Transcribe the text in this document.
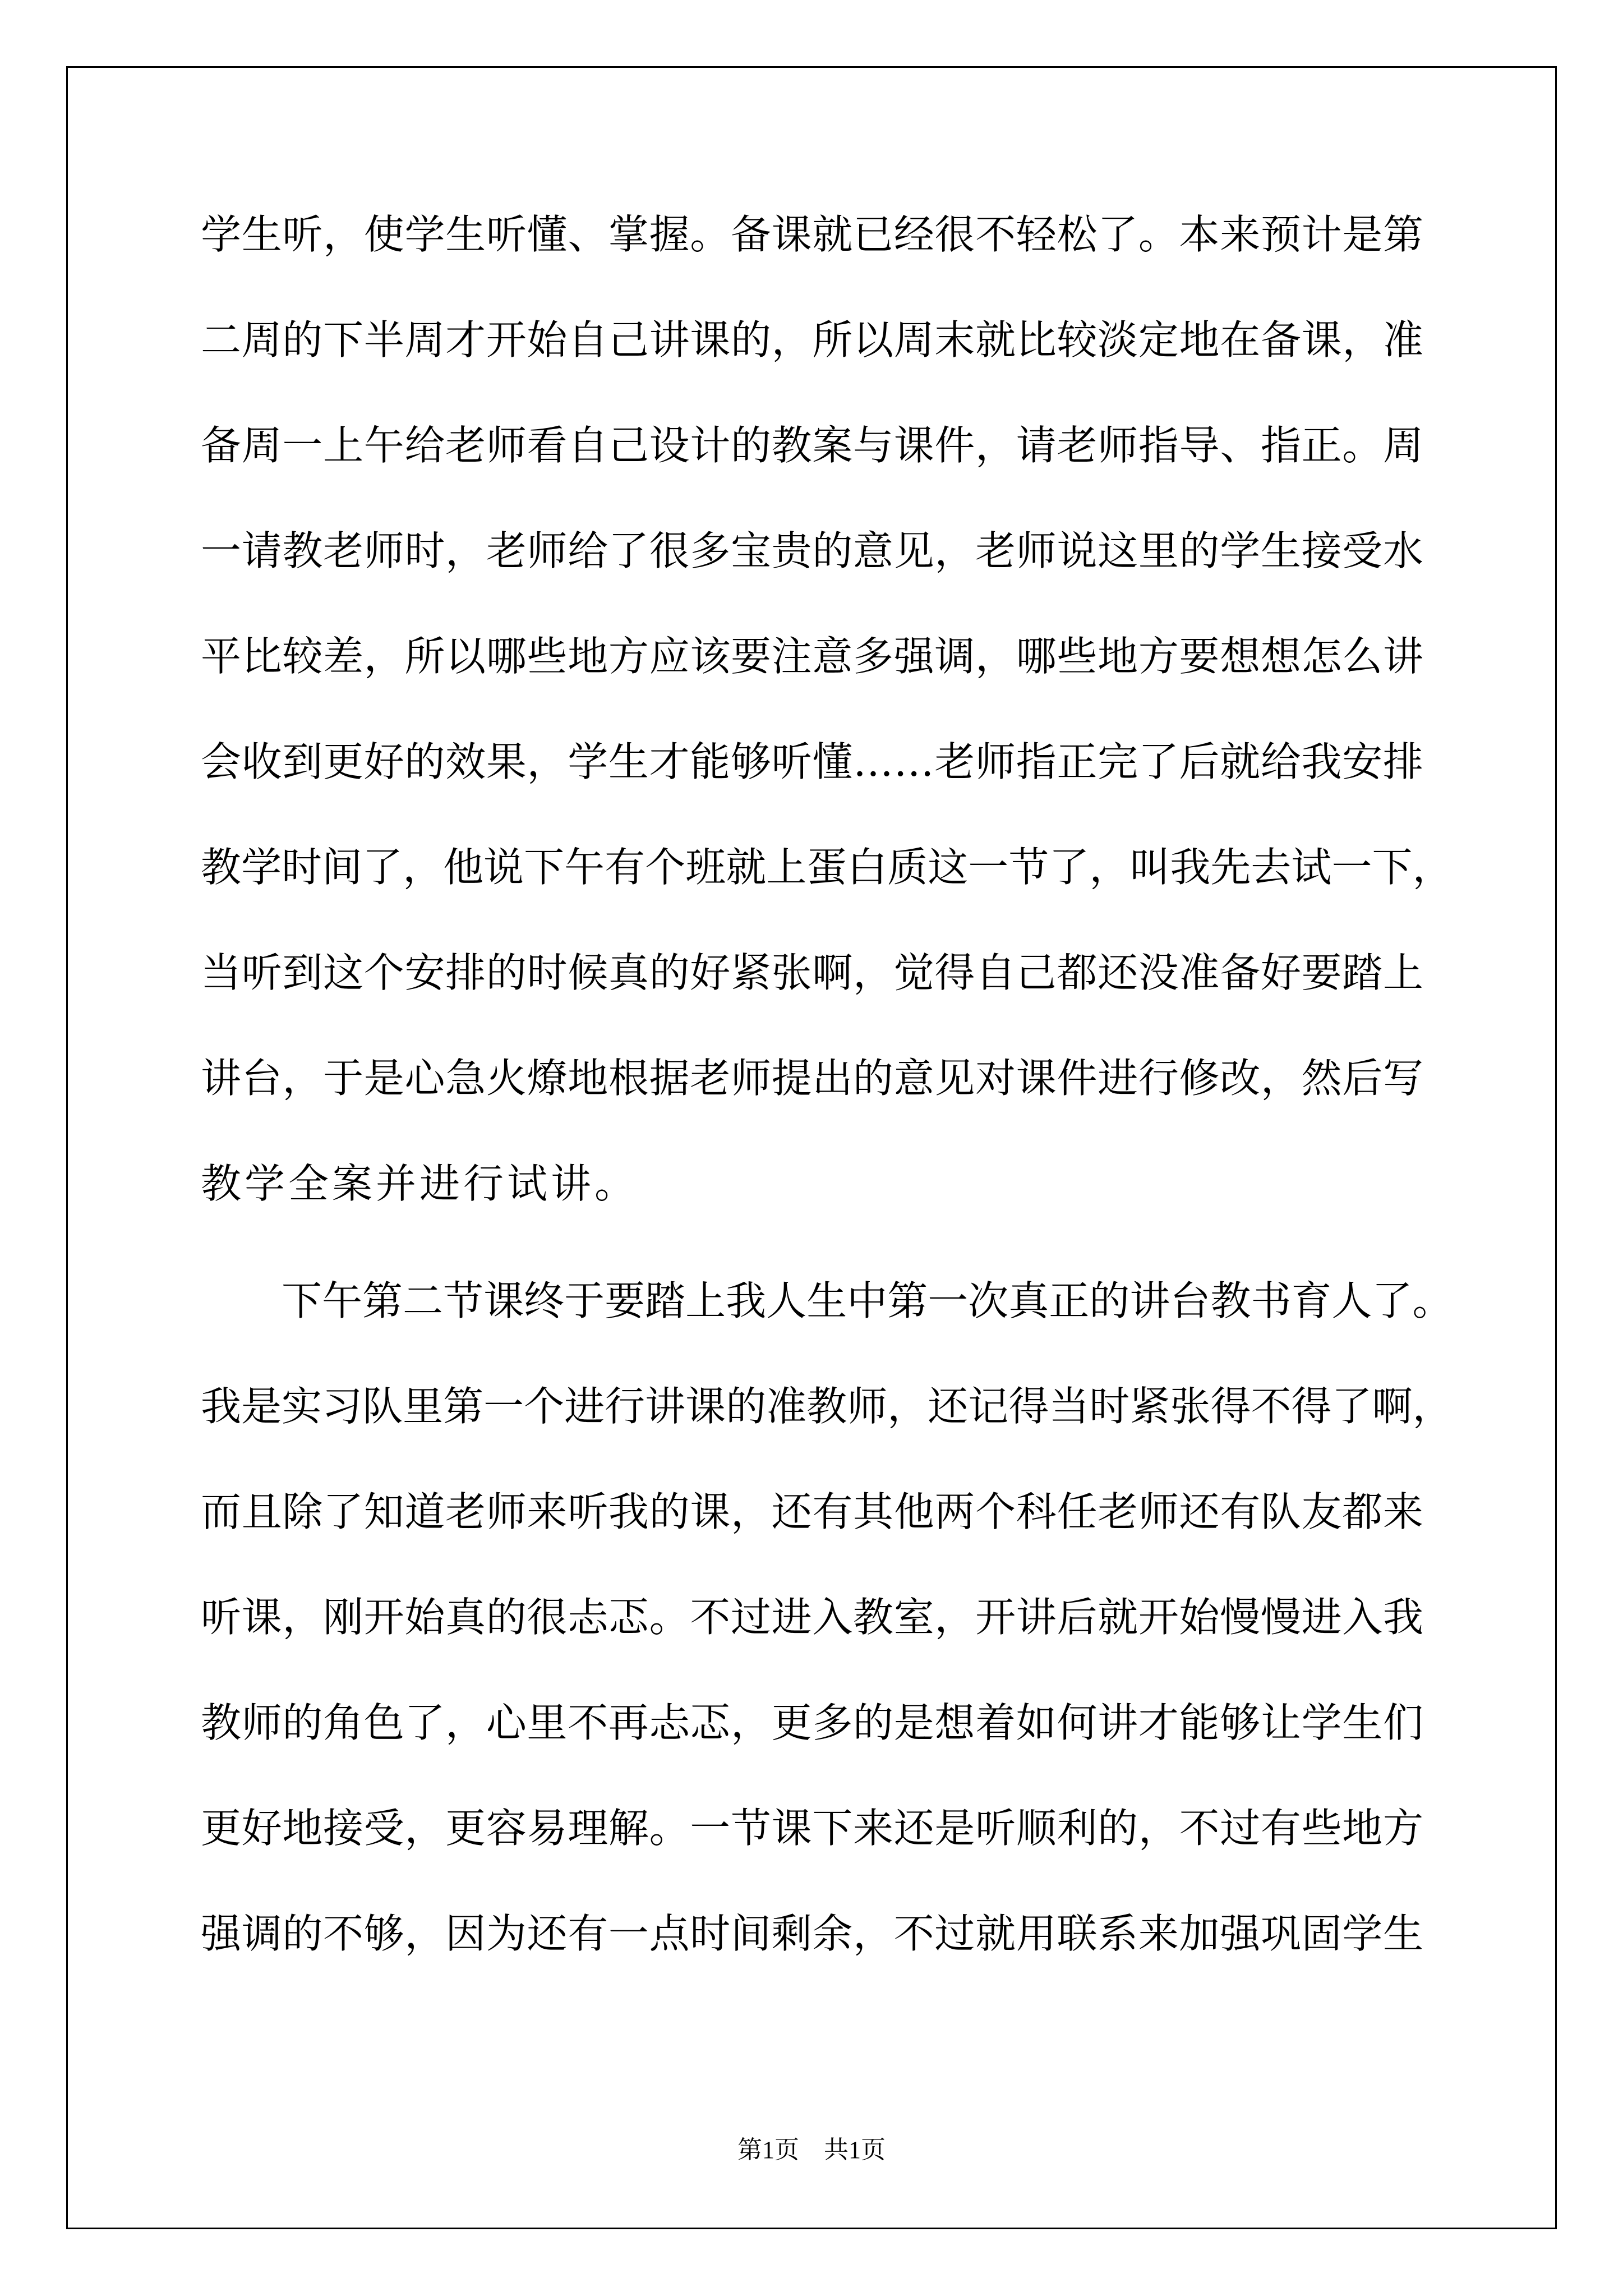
学 生 听 ， 使 学 生 听 懂 、 掌 握 。 备 课 就 已 经 很 不 轻 松 了 。 本 来 预 计 是 第
二 周 的 下 半 周 才 开 始 自 己 讲 课 的 ， 所 以 周 末 就 比 较 淡 定 地 在 备 课 ， 准
备 周 一 上 午 给 老 师 看 自 己 设 计 的 教 案 与 课 件 ， 请 老 师 指 导 、 指 正 。 周
一 请 教 老 师 时 ， 老 师 给 了 很 多 宝 贵 的 意 见 ， 老 师 说 这 里 的 学 生 接 受 水
平 比 较 差 ， 所 以 哪 些 地 方 应 该 要 注 意 多 强 调 ， 哪 些 地 方 要 想 想 怎 么 讲
会 收 到 更 好 的 效 果 ， 学 生 才 能 够 听 懂 … … 老 师 指 正 完 了 后 就 给 我 安 排
教 学 时 间 了 ， 他 说 下 午 有 个 班 就 上 蛋 白 质 这 一 节 了 ， 叫 我 先 去 试 一 下 ，
当 听 到 这 个 安 排 的 时 候 真 的 好 紧 张 啊 ， 觉 得 自 己 都 还 没 准 备 好 要 踏 上
讲 台 ， 于 是 心 急 火 燎 地 根 据 老 师 提 出 的 意 见 对 课 件 进 行 修 改 ， 然 后 写
教学全案并进行试讲。
下 午 第 二 节 课 终 于 要 踏 上 我 人 生 中 第 一 次 真 正 的 讲 台 教 书 育 人 了 。
我 是 实 习 队 里 第 一 个 进 行 讲 课 的 准 教 师 ， 还 记 得 当 时 紧 张 得 不 得 了 啊 ，
而 且 除 了 知 道 老 师 来 听 我 的 课 ， 还 有 其 他 两 个 科 任 老 师 还 有 队 友 都 来
听 课 ， 刚 开 始 真 的 很 忐 忑 。 不 过 进 入 教 室 ， 开 讲 后 就 开 始 慢 慢 进 入 我
教 师 的 角 色 了 ， 心 里 不 再 忐 忑 ， 更 多 的 是 想 着 如 何 讲 才 能 够 让 学 生 们
更 好 地 接 受 ， 更 容 易 理 解 。 一 节 课 下 来 还 是 听 顺 利 的 ， 不 过 有 些 地 方
强 调 的 不 够 ， 因 为 还 有 一 点 时 间 剩 余 ， 不 过 就 用 联 系 来 加 强 巩 固 学 生
第1页 共1页
